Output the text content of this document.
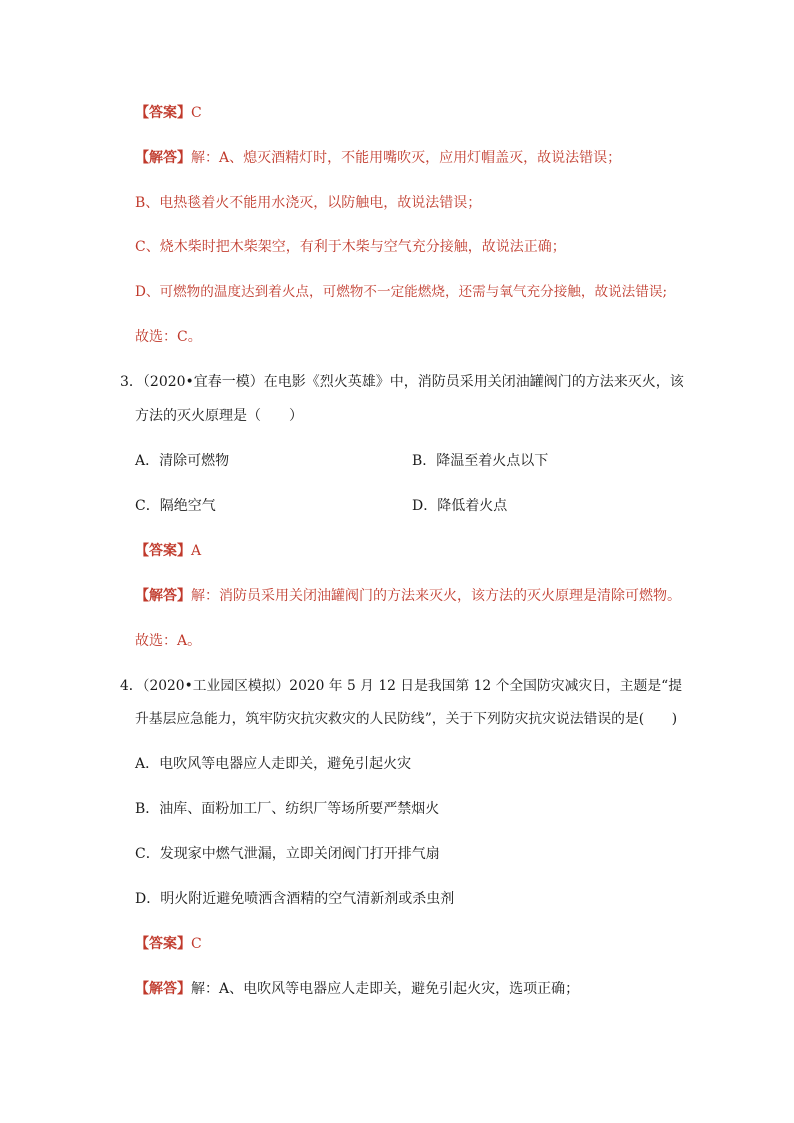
【答案】C
【解答】解：A、熄灭酒精灯时，不能用嘴吹灭，应用灯帽盖灭，故说法错误；
B、电热毯着火不能用水浇灭，以防触电，故说法错误；
C、烧木柴时把木柴架空，有利于木柴与空气充分接触，故说法正确；
D、可燃物的温度达到着火点，可燃物不一定能燃烧，还需与氧气充分接触，故说法错误;
故选：C。
3．（2020•宜春一模）在电影《烈火英雄》中，消防员采用关闭油罐阀门的方法来灭火，该
方法的灭火原理是（　　）
A．清除可燃物	B．降温至着火点以下
C．隔绝空气	D．降低着火点
【答案】A
【解答】解：消防员采用关闭油罐阀门的方法来灭火，该方法的灭火原理是清除可燃物。
故选：A。
4．（2020•工业园区模拟）2020 年 5 月 12 日是我国第 12 个全国防灾减灾日，主题是“提
升基层应急能力，筑牢防灾抗灾救灾的人民防线”，关于下列防灾抗灾说法错误的是(　　)
A．电吹风等电器应人走即关，避免引起火灾
B．油库、面粉加工厂、纺织厂等场所要严禁烟火
C．发现家中燃气泄漏，立即关闭阀门打开排气扇
D．明火附近避免喷洒含酒精的空气清新剂或杀虫剂
【答案】C
【解答】解：A、电吹风等电器应人走即关，避免引起火灾，选项正确；
